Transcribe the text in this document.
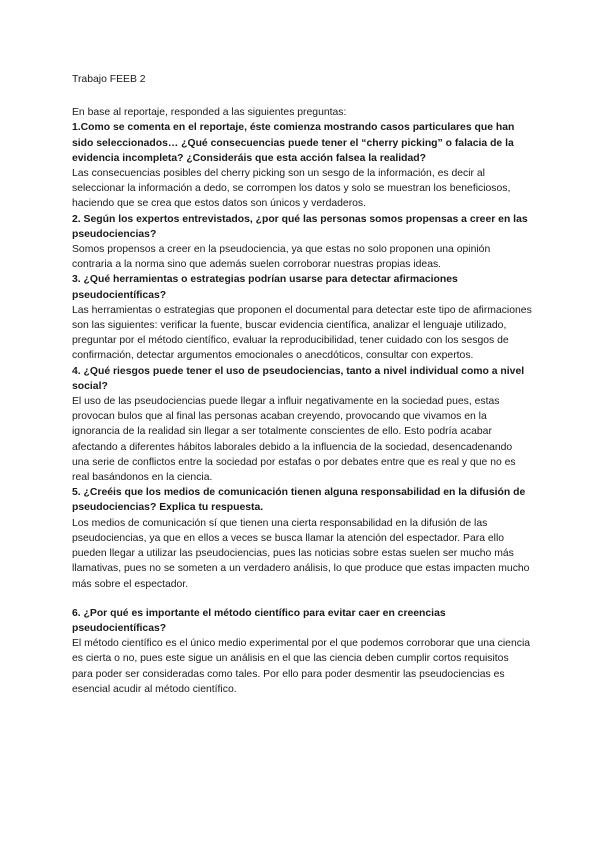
Trabajo FEEB 2

En base al reportaje, responded a las siguientes preguntas:

1.Como se comenta en el reportaje, éste comienza mostrando casos particulares que han sido seleccionados… ¿Qué consecuencias puede tener el “cherry picking” o falacia de la evidencia incompleta? ¿Consideráis que esta acción falsea la realidad?

Las consecuencias posibles del cherry picking son un sesgo de la información, es decir al seleccionar la información a dedo, se corrompen los datos y solo se muestran los beneficiosos, haciendo que se crea que estos datos son únicos y verdaderos.

2. Según los expertos entrevistados, ¿por qué las personas somos propensas a creer en las pseudociencias?

Somos propensos a creer en la pseudociencia, ya que estas no solo proponen una opinión contraria a la norma sino que además suelen corroborar nuestras propias ideas.

3. ¿Qué herramientas o estrategias podrían usarse para detectar afirmaciones pseudocientíficas?

Las herramientas o estrategias que proponen el documental para detectar este tipo de afirmaciones son las siguientes: verificar la fuente, buscar evidencia científica, analizar el lenguaje utilizado, preguntar por el método científico, evaluar la reproducibilidad, tener cuidado con los sesgos de confirmación, detectar argumentos emocionales o anecdóticos, consultar con expertos.

4. ¿Qué riesgos puede tener el uso de pseudociencias, tanto a nivel individual como a nivel social?

El uso de las pseudociencias puede llegar a influir negativamente en la sociedad pues, estas provocan bulos que al final las personas acaban creyendo, provocando que vivamos en la ignorancia de la realidad sin llegar a ser totalmente conscientes de ello. Esto podría acabar afectando a diferentes hábitos laborales debido a la influencia de la sociedad, desencadenando una serie de conflictos entre la sociedad por estafas o por debates entre que es real y que no es real basándonos en la ciencia.

5. ¿Creéis que los medios de comunicación tienen alguna responsabilidad en la difusión de pseudociencias? Explica tu respuesta.

Los medios de comunicación sí que tienen una cierta responsabilidad en la difusión de las pseudociencias, ya que en ellos a veces se busca llamar la atención del espectador. Para ello pueden llegar a utilizar las pseudociencias, pues las noticias sobre estas suelen ser mucho más llamativas, pues no se someten a un verdadero análisis, lo que produce que estas impacten mucho más sobre el espectador.

6. ¿Por qué es importante el método científico para evitar caer en creencias pseudocientíficas?

El método científico es el único medio experimental por el que podemos corroborar que una ciencia es cierta o no, pues este sigue un análisis en el que las ciencia deben cumplir cortos requisitos para poder ser consideradas como tales. Por ello para poder desmentir las pseudociencias es esencial acudir al método científico.
